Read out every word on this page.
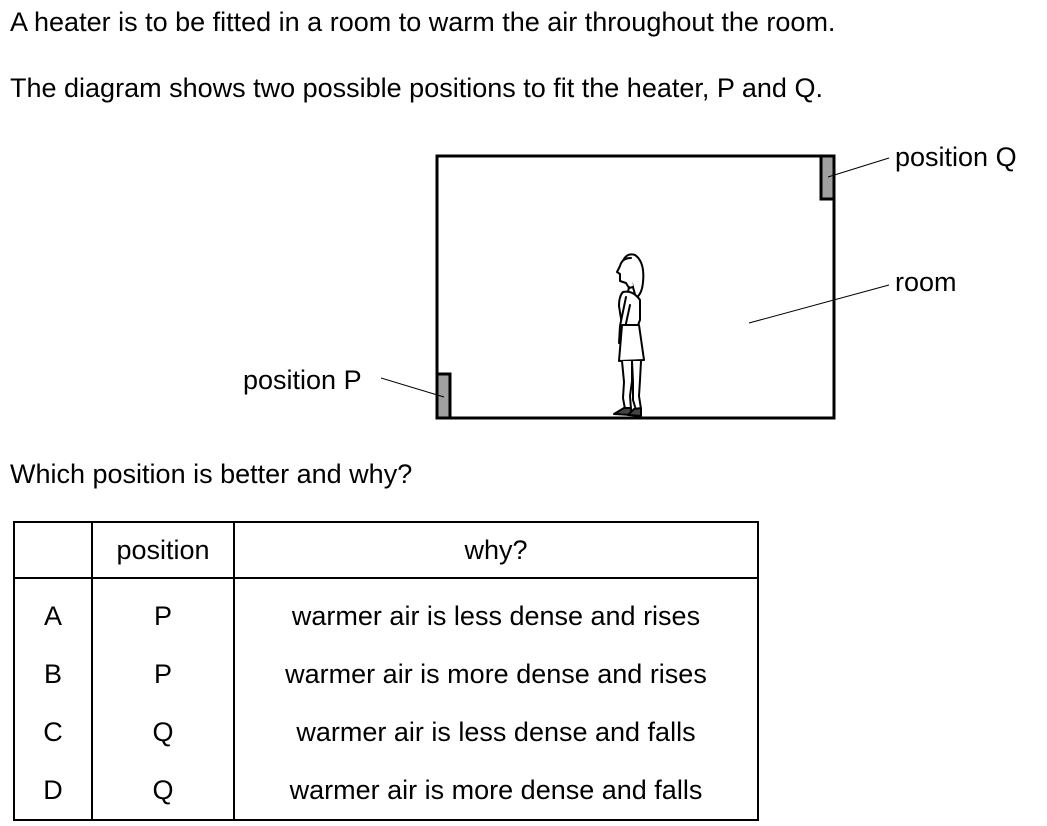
A heater is to be fitted in a room to warm the air throughout the room.
The diagram shows two possible positions to fit the heater, P and Q.
position Q
room
position P
Which position is better and why?
	position	why?
A	P	warmer air is less dense and rises
B	P	warmer air is more dense and rises
C	Q	warmer air is less dense and falls
D	Q	warmer air is more dense and falls
